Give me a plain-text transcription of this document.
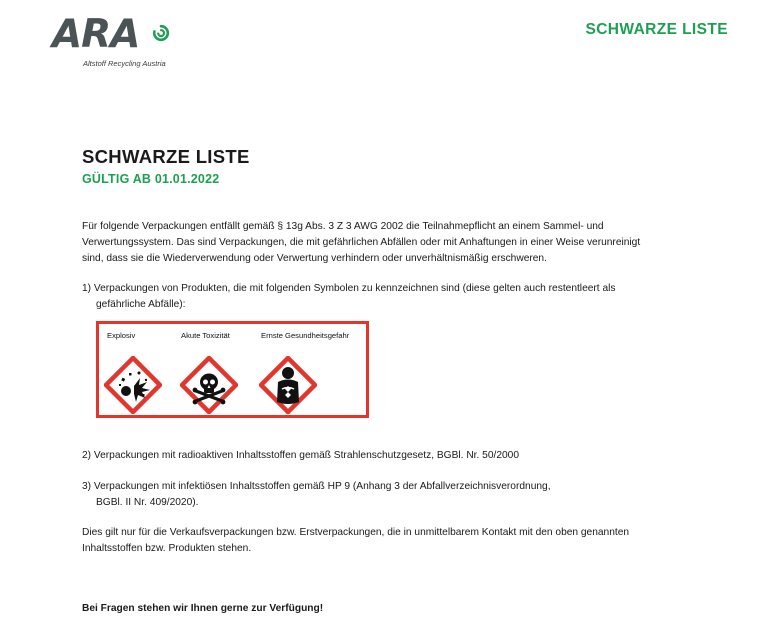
ARA
Altstoff Recycling Austria
SCHWARZE LISTE
SCHWARZE LISTE
GÜLTIG AB 01.01.2022
Für folgende Verpackungen entfällt gemäß § 13g Abs. 3 Z 3 AWG 2002 die Teilnahmepflicht an einem Sammel- und
Verwertungssystem. Das sind Verpackungen, die mit gefährlichen Abfällen oder mit Anhaftungen in einer Weise verunreinigt
sind, dass sie die Wiederverwendung oder Verwertung verhindern oder unverhältnismäßig erschweren.
1) Verpackungen von Produkten, die mit folgenden Symbolen zu kennzeichnen sind (diese gelten auch restentleert als
gefährliche Abfälle):
Explosiv	Akute Toxizität	Ernste Gesundheitsgefahr
2) Verpackungen mit radioaktiven Inhaltsstoffen gemäß Strahlenschutzgesetz, BGBl. Nr. 50/2000
3) Verpackungen mit infektiösen Inhaltsstoffen gemäß HP 9 (Anhang 3 der Abfallverzeichnisverordnung,
BGBl. II Nr. 409/2020).
Dies gilt nur für die Verkaufsverpackungen bzw. Erstverpackungen, die in unmittelbarem Kontakt mit den oben genannten
Inhaltsstoffen bzw. Produkten stehen.
Bei Fragen stehen wir Ihnen gerne zur Verfügung!
